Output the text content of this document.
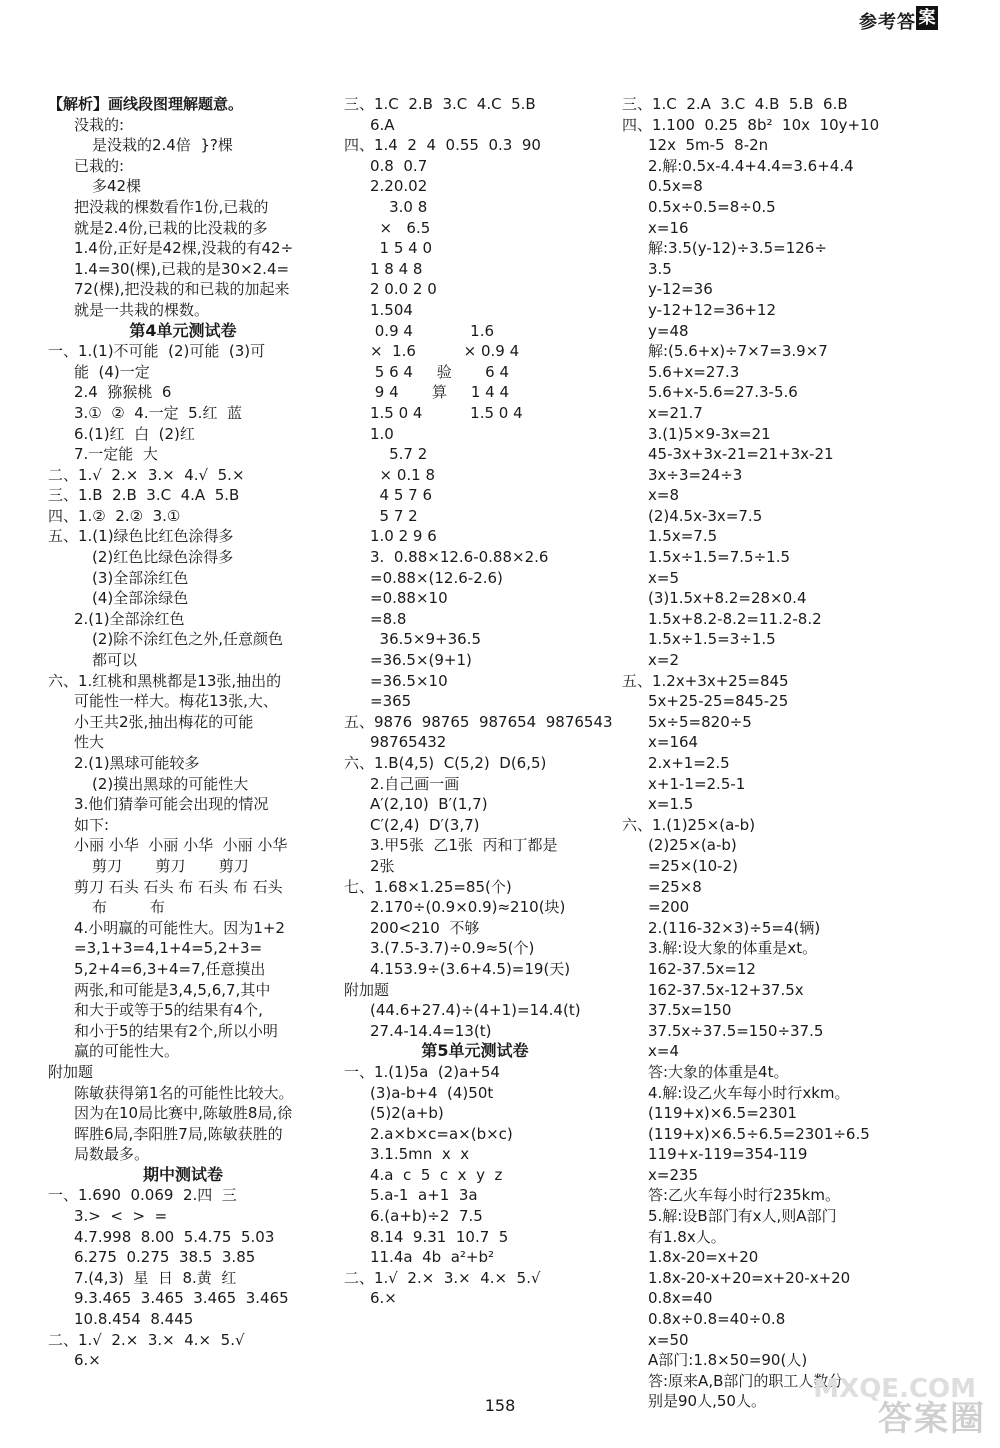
参考答 案
【解析】画线段图理解题意。
没栽的:
是没栽的2.4倍  }?棵
已栽的:
多42棵
把没栽的棵数看作1份,已栽的
就是2.4份,已栽的比没栽的多
1.4份,正好是42棵,没栽的有42÷
1.4=30(棵),已栽的是30×2.4=
72(棵),把没栽的和已栽的加起来
就是一共栽的棵数。
第4单元测试卷
一、1.(1)不可能  (2)可能  (3)可
能  (4)一定
2.4  猕猴桃  6
3.①  ②  4.一定  5.红  蓝
6.(1)红  白  (2)红
7.一定能  大
二、1.√  2.×  3.×  4.√  5.×
三、1.B  2.B  3.C  4.A  5.B
四、1.②  2.②  3.①
五、1.(1)绿色比红色涂得多
(2)红色比绿色涂得多
(3)全部涂红色
(4)全部涂绿色
2.(1)全部涂红色
(2)除不涂红色之外,任意颜色
都可以
六、1.红桃和黑桃都是13张,抽出的
可能性一样大。梅花13张,大、
小王共2张,抽出梅花的可能
性大
2.(1)黑球可能较多
(2)摸出黑球的可能性大
3.他们猜拳可能会出现的情况
如下:
小丽 小华  小丽 小华  小丽 小华
剪刀       剪刀       剪刀
剪刀 石头 石头 布 石头 布 石头
布         布
4.小明赢的可能性大。因为1+2
=3,1+3=4,1+4=5,2+3=
5,2+4=6,3+4=7,任意摸出
两张,和可能是3,4,5,6,7,其中
和大于或等于5的结果有4个,
和小于5的结果有2个,所以小明
赢的可能性大。
附加题
陈敏获得第1名的可能性比较大。
因为在10局比赛中,陈敏胜8局,徐
晖胜6局,李阳胜7局,陈敏获胜的
局数最多。
期中测试卷
一、1.690  0.069  2.四  三
3.>  <  >  =
4.7.998  8.00  5.4.75  5.03
6.275  0.275  38.5  3.85
7.(4,3)  星  日  8.黄  红
9.3.465  3.465  3.465  3.465
10.8.454  8.445
二、1.√  2.×  3.×  4.×  5.√
6.×
三、1.C  2.B  3.C  4.C  5.B
6.A
四、1.4  2  4  0.55  0.3  90
0.8  0.7
2.20.02
3.0 8
×   6.5
1 5 4 0
1 8 4 8
2 0.0 2 0
1.504
0.9 4            1.6
×  1.6          × 0.9 4
5 6 4     验       6 4
9 4       算     1 4 4
1.5 0 4          1.5 0 4
1.0
5.7 2
× 0.1 8
4 5 7 6
5 7 2
1.0 2 9 6
3.  0.88×12.6-0.88×2.6
=0.88×(12.6-2.6)
=0.88×10
=8.8
36.5×9+36.5
=36.5×(9+1)
=36.5×10
=365
五、9876  98765  987654  9876543
98765432
六、1.B(4,5)  C(5,2)  D(6,5)
2.自己画一画
A′(2,10)  B′(1,7)
C′(2,4)  D′(3,7)
3.甲5张  乙1张  丙和丁都是
2张
七、1.68×1.25=85(个)
2.170÷(0.9×0.9)≈210(块)
200<210  不够
3.(7.5-3.7)÷0.9≈5(个)
4.153.9÷(3.6+4.5)=19(天)
附加题
(44.6+27.4)÷(4+1)=14.4(t)
27.4-14.4=13(t)
第5单元测试卷
一、1.(1)5a  (2)a+54
(3)a-b+4  (4)50t
(5)2(a+b)
2.a×b×c=a×(b×c)
3.1.5mn  x  x
4.a  c  5  c  x  y  z
5.a-1  a+1  3a
6.(a+b)÷2  7.5
8.14  9.31  10.7  5
11.4a  4b  a²+b²
二、1.√  2.×  3.×  4.×  5.√
6.×
三、1.C  2.A  3.C  4.B  5.B  6.B
四、1.100  0.25  8b²  10x  10y+10
12x  5m-5  8-2n
2.解:0.5x-4.4+4.4=3.6+4.4
0.5x=8
0.5x÷0.5=8÷0.5
x=16
解:3.5(y-12)÷3.5=126÷
3.5
y-12=36
y-12+12=36+12
y=48
解:(5.6+x)÷7×7=3.9×7
5.6+x=27.3
5.6+x-5.6=27.3-5.6
x=21.7
3.(1)5×9-3x=21
45-3x+3x-21=21+3x-21
3x÷3=24÷3
x=8
(2)4.5x-3x=7.5
1.5x=7.5
1.5x÷1.5=7.5÷1.5
x=5
(3)1.5x+8.2=28×0.4
1.5x+8.2-8.2=11.2-8.2
1.5x÷1.5=3÷1.5
x=2
五、1.2x+3x+25=845
5x+25-25=845-25
5x÷5=820÷5
x=164
2.x+1=2.5
x+1-1=2.5-1
x=1.5
六、1.(1)25×(a-b)
(2)25×(a-b)
=25×(10-2)
=25×8
=200
2.(116-32×3)÷5=4(辆)
3.解:设大象的体重是xt。
162-37.5x=12
162-37.5x-12+37.5x
37.5x=150
37.5x÷37.5=150÷37.5
x=4
答:大象的体重是4t。
4.解:设乙火车每小时行xkm。
(119+x)×6.5=2301
(119+x)×6.5÷6.5=2301÷6.5
119+x-119=354-119
x=235
答:乙火车每小时行235km。
5.解:设B部门有x人,则A部门
有1.8x人。
1.8x-20=x+20
1.8x-20-x+20=x+20-x+20
0.8x=40
0.8x÷0.8=40÷0.8
x=50
A部门:1.8×50=90(人)
答:原来A,B部门的职工人数分
别是90人,50人。
158
MXQE.COM
答案圈
